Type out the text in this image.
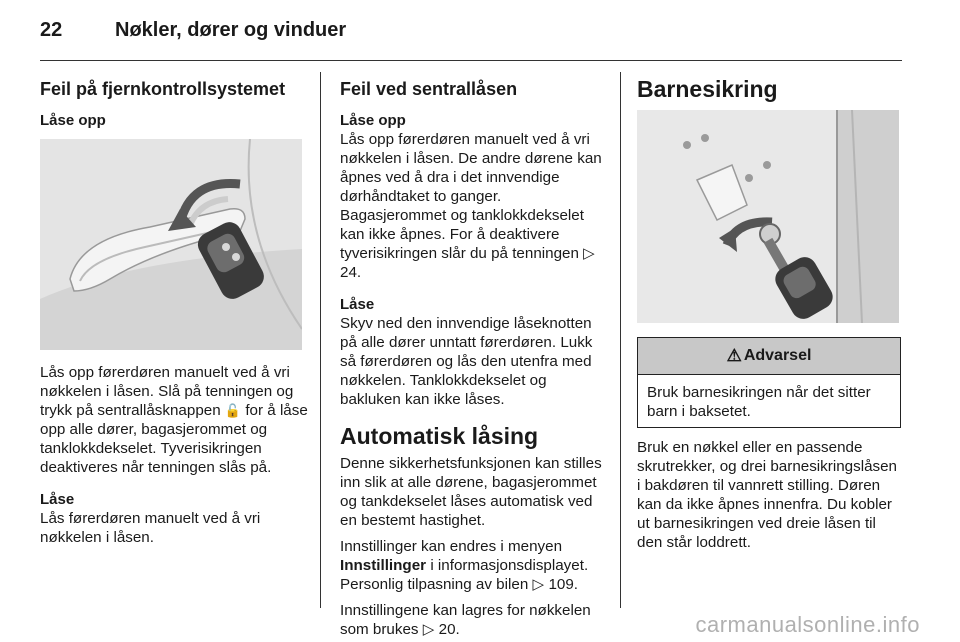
22	Nøkler, dører og vinduer

Feil på fjernkontrollsystemet

Låse opp

Lås opp førerdøren manuelt ved å vri nøkkelen i låsen. Slå på tenningen og trykk på sentrallåsknappen 🔓 for å låse opp alle dører, bagasjerommet og tanklokkdekselet. Tyverisikringen deaktiveres når tenningen slås på.

Låse

Lås førerdøren manuelt ved å vri nøkkelen i låsen.

Feil ved sentrallåsen

Låse opp

Lås opp førerdøren manuelt ved å vri nøkkelen i låsen. De andre dørene kan åpnes ved å dra i det innvendige dørhåndtaket to ganger. Bagasjerommet og tanklokkdekselet kan ikke åpnes. For å deaktivere tyverisikringen slår du på tenningen ▷ 24.

Låse

Skyv ned den innvendige låseknotten på alle dører unntatt førerdøren. Lukk så førerdøren og lås den utenfra med nøkkelen. Tanklokkdekselet og bakluken kan ikke låses.

Automatisk låsing

Denne sikkerhetsfunksjonen kan stilles inn slik at alle dørene, bagasjerommet og tankdekselet låses automatisk ved en bestemt hastighet.

Innstillinger kan endres i menyen
Innstillinger i informasjonsdisplayet. Personlig tilpasning av bilen ▷ 109.

Innstillingene kan lagres for nøkkelen som brukes ▷ 20.

Barnesikring

⚠ Advarsel
Bruk barnesikringen når det sitter barn i baksetet.

Bruk en nøkkel eller en passende skrutrekker, og drei barnesikringslåsen i bakdøren til vannrett stilling. Døren kan da ikke åpnes innenfra. Du kobler ut barnesikringen ved dreie låsen til den står loddrett.

carmanualsonline.info
